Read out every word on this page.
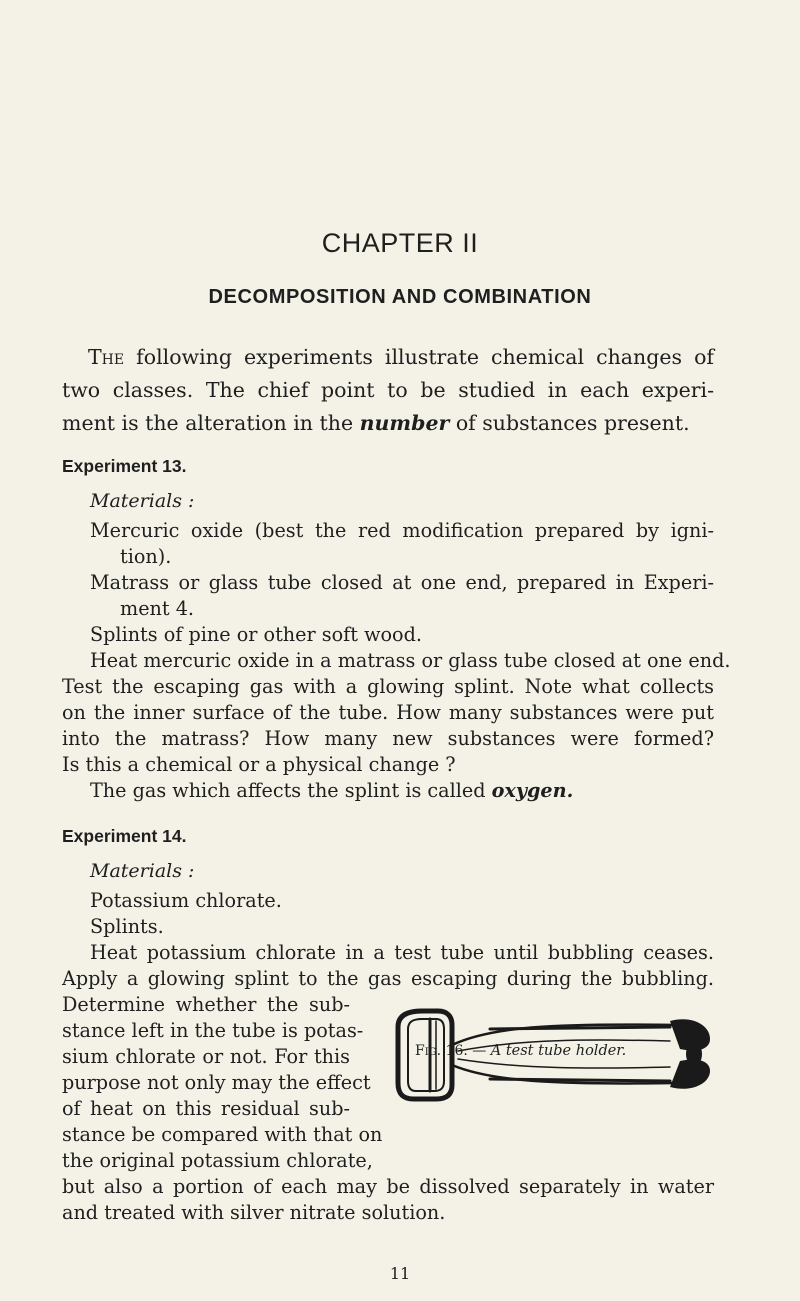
CHAPTER II
DECOMPOSITION AND COMBINATION
The following experiments illustrate chemical changes of
two classes. The chief point to be studied in each experi-
ment is the alteration in the number of substances present.
Experiment 13.
Materials :
Mercuric oxide (best the red modification prepared by igni-
tion).
Matrass or glass tube closed at one end, prepared in Experi-
ment 4.
Splints of pine or other soft wood.
Heat mercuric oxide in a matrass or glass tube closed at one end.
Test the escaping gas with a glowing splint. Note what collects
on the inner surface of the tube. How many substances were put
into the matrass? How many new substances were formed?
Is this a chemical or a physical change ?
The gas which affects the splint is called oxygen.
Experiment 14.
Materials :
Potassium chlorate.
Splints.
Heat potassium chlorate in a test tube until bubbling ceases.
Apply a glowing splint to the gas escaping during the bubbling.
Determine whether the sub-
stance left in the tube is potas-
sium chlorate or not. For this
purpose not only may the effect
of heat on this residual sub-
stance be compared with that on
the original potassium chlorate,
but also a portion of each may be dissolved separately in water
and treated with silver nitrate solution.
Fig. 16. — A test tube holder.
11
